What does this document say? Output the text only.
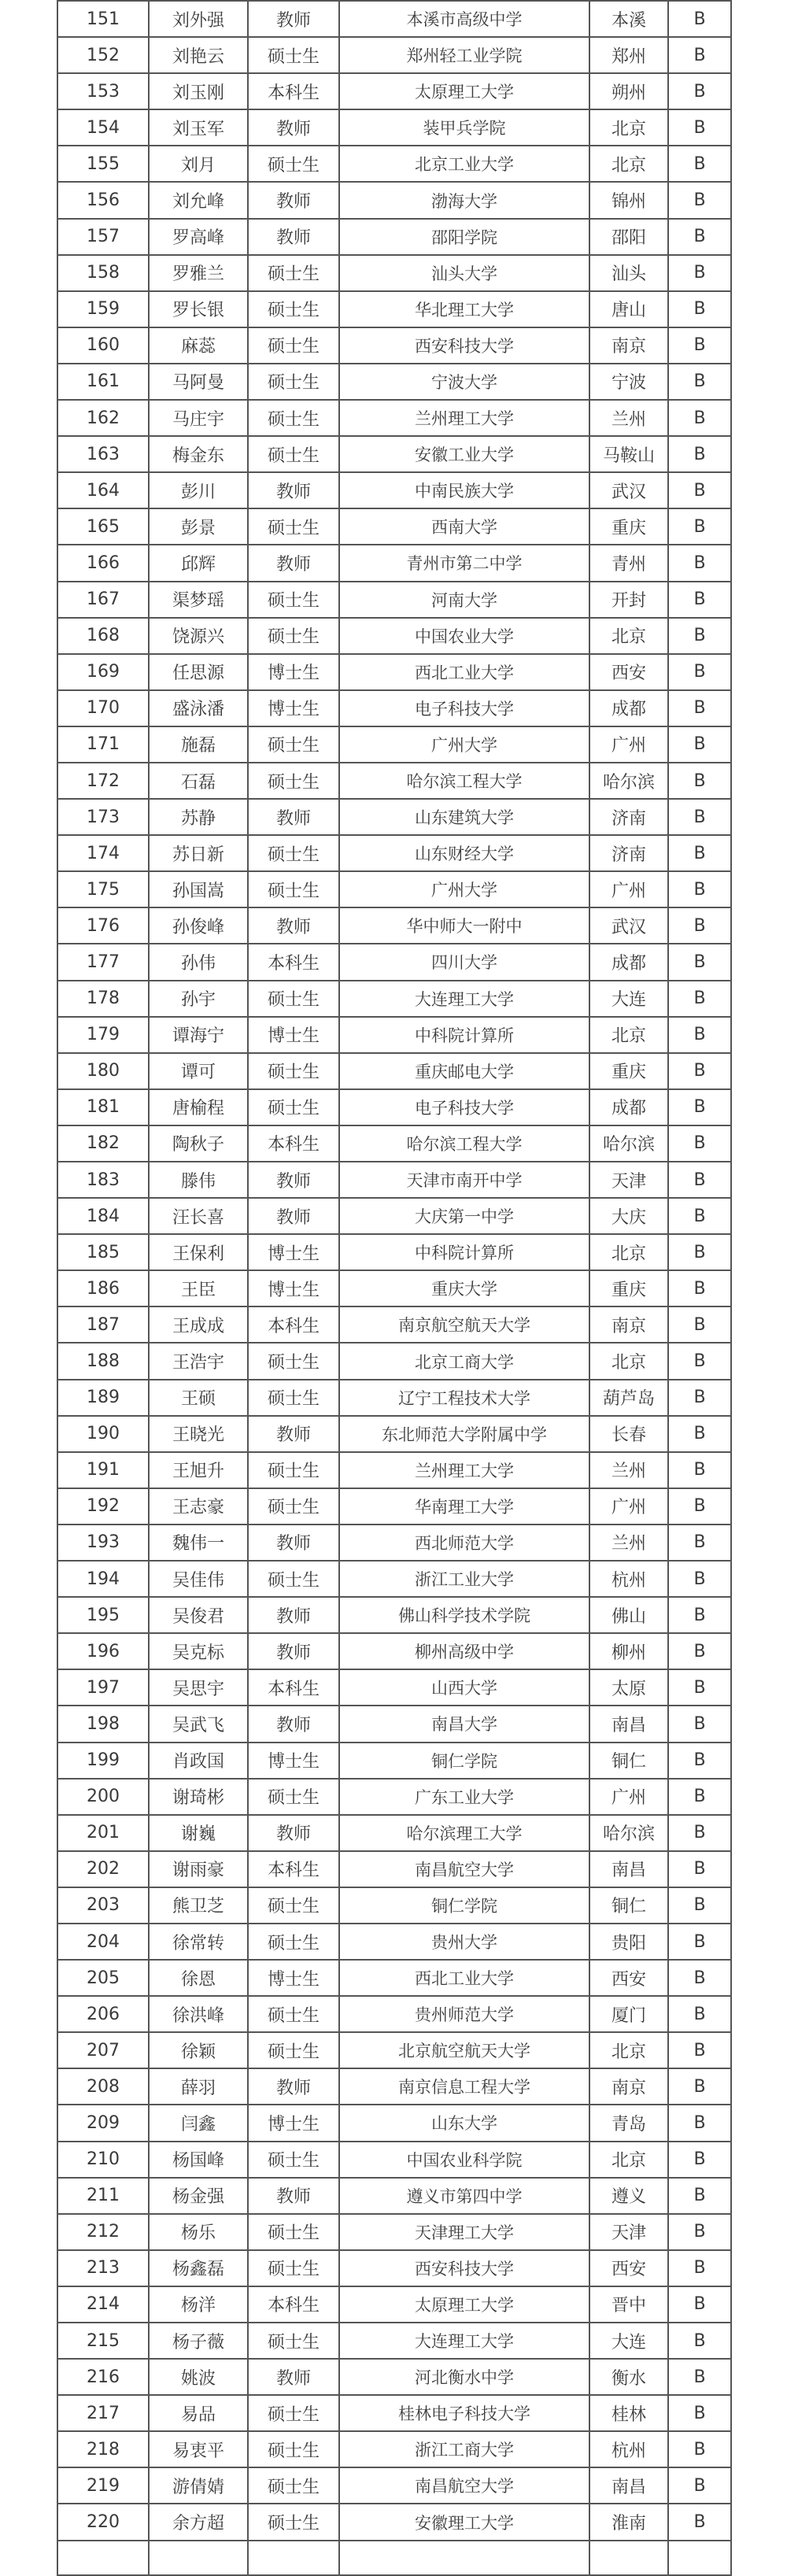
151	刘外强	教师	本溪市高级中学	本溪	B
152	刘艳云	硕士生	郑州轻工业学院	郑州	B
153	刘玉刚	本科生	太原理工大学	朔州	B
154	刘玉军	教师	装甲兵学院	北京	B
155	刘月	硕士生	北京工业大学	北京	B
156	刘允峰	教师	渤海大学	锦州	B
157	罗高峰	教师	邵阳学院	邵阳	B
158	罗雅兰	硕士生	汕头大学	汕头	B
159	罗长银	硕士生	华北理工大学	唐山	B
160	麻蕊	硕士生	西安科技大学	南京	B
161	马阿曼	硕士生	宁波大学	宁波	B
162	马庄宇	硕士生	兰州理工大学	兰州	B
163	梅金东	硕士生	安徽工业大学	马鞍山	B
164	彭川	教师	中南民族大学	武汉	B
165	彭景	硕士生	西南大学	重庆	B
166	邱辉	教师	青州市第二中学	青州	B
167	渠梦瑶	硕士生	河南大学	开封	B
168	饶源兴	硕士生	中国农业大学	北京	B
169	任思源	博士生	西北工业大学	西安	B
170	盛泳潘	博士生	电子科技大学	成都	B
171	施磊	硕士生	广州大学	广州	B
172	石磊	硕士生	哈尔滨工程大学	哈尔滨	B
173	苏静	教师	山东建筑大学	济南	B
174	苏日新	硕士生	山东财经大学	济南	B
175	孙国嵩	硕士生	广州大学	广州	B
176	孙俊峰	教师	华中师大一附中	武汉	B
177	孙伟	本科生	四川大学	成都	B
178	孙宇	硕士生	大连理工大学	大连	B
179	谭海宁	博士生	中科院计算所	北京	B
180	谭可	硕士生	重庆邮电大学	重庆	B
181	唐榆程	硕士生	电子科技大学	成都	B
182	陶秋子	本科生	哈尔滨工程大学	哈尔滨	B
183	滕伟	教师	天津市南开中学	天津	B
184	汪长喜	教师	大庆第一中学	大庆	B
185	王保利	博士生	中科院计算所	北京	B
186	王臣	博士生	重庆大学	重庆	B
187	王成成	本科生	南京航空航天大学	南京	B
188	王浩宇	硕士生	北京工商大学	北京	B
189	王硕	硕士生	辽宁工程技术大学	葫芦岛	B
190	王晓光	教师	东北师范大学附属中学	长春	B
191	王旭升	硕士生	兰州理工大学	兰州	B
192	王志豪	硕士生	华南理工大学	广州	B
193	魏伟一	教师	西北师范大学	兰州	B
194	吴佳伟	硕士生	浙江工业大学	杭州	B
195	吴俊君	教师	佛山科学技术学院	佛山	B
196	吴克标	教师	柳州高级中学	柳州	B
197	吴思宇	本科生	山西大学	太原	B
198	吴武飞	教师	南昌大学	南昌	B
199	肖政国	博士生	铜仁学院	铜仁	B
200	谢琦彬	硕士生	广东工业大学	广州	B
201	谢巍	教师	哈尔滨理工大学	哈尔滨	B
202	谢雨豪	本科生	南昌航空大学	南昌	B
203	熊卫芝	硕士生	铜仁学院	铜仁	B
204	徐常转	硕士生	贵州大学	贵阳	B
205	徐恩	博士生	西北工业大学	西安	B
206	徐洪峰	硕士生	贵州师范大学	厦门	B
207	徐颖	硕士生	北京航空航天大学	北京	B
208	薛羽	教师	南京信息工程大学	南京	B
209	闫鑫	博士生	山东大学	青岛	B
210	杨国峰	硕士生	中国农业科学院	北京	B
211	杨金强	教师	遵义市第四中学	遵义	B
212	杨乐	硕士生	天津理工大学	天津	B
213	杨鑫磊	硕士生	西安科技大学	西安	B
214	杨洋	本科生	太原理工大学	晋中	B
215	杨子薇	硕士生	大连理工大学	大连	B
216	姚波	教师	河北衡水中学	衡水	B
217	易品	硕士生	桂林电子科技大学	桂林	B
218	易衷平	硕士生	浙江工商大学	杭州	B
219	游倩婧	硕士生	南昌航空大学	南昌	B
220	余方超	硕士生	安徽理工大学	淮南	B
